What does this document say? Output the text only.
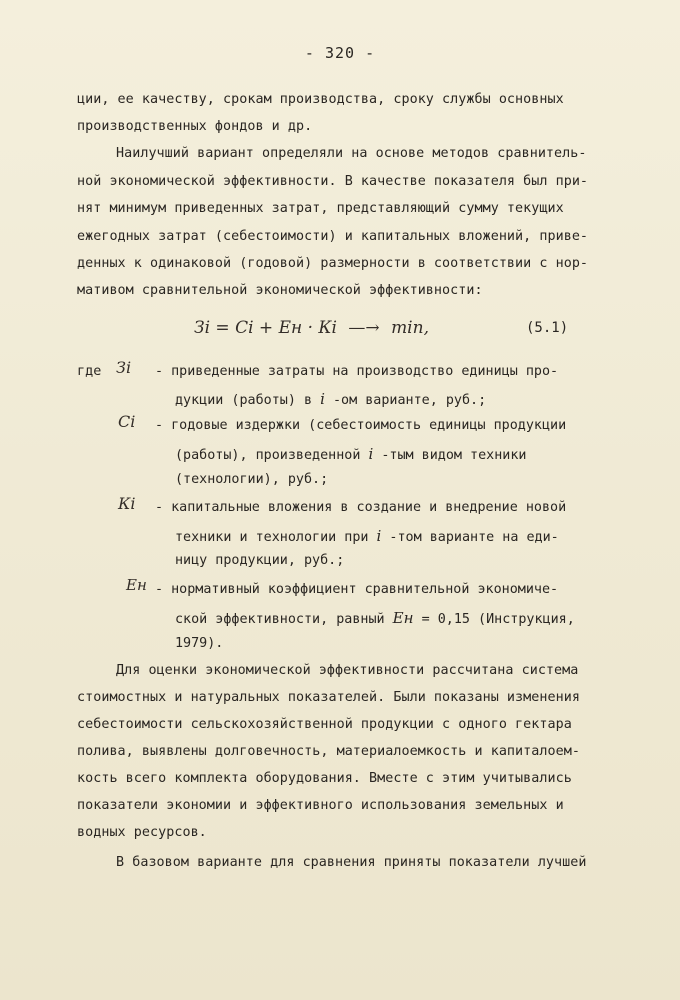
- 320 -
ции, ее качеству, срокам производства, сроку службы основных
производственных фондов и др.
Наилучший вариант определяли на основе методов сравнитель-
ной экономической эффективности. В качестве показателя был при-
нят минимум приведенных затрат, представляющий сумму текущих
ежегодных затрат (себестоимости) и капитальных вложений, приве-
денных к одинаковой (годовой) размерности в соответствии с нор-
мативом сравнительной экономической эффективности:
Зi = Ci + Eн · Кi —→ min,	(5.1)
где Зi - приведенные затраты на производство единицы про-
дукции (работы) в i -ом варианте, руб.;
Ci - годовые издержки (себестоимость единицы продукции
(работы), произведенной i -тым видом техники
(технологии), руб.;
Кi - капитальные вложения в создание и внедрение новой
техники и технологии при i -том варианте на еди-
ницу продукции, руб.;
Eн - нормативный коэффициент сравнительной экономиче-
ской эффективности, равный Eн = 0,15 (Инструкция,
1979).
Для оценки экономической эффективности рассчитана система
стоимостных и натуральных показателей. Были показаны изменения
себестоимости сельскохозяйственной продукции с одного гектара
полива, выявлены долговечность, материалоемкость и капиталоем-
кость всего комплекта оборудования. Вместе с этим учитывались
показатели экономии и эффективного использования земельных и
водных ресурсов.
В базовом варианте для сравнения приняты показатели лучшей
